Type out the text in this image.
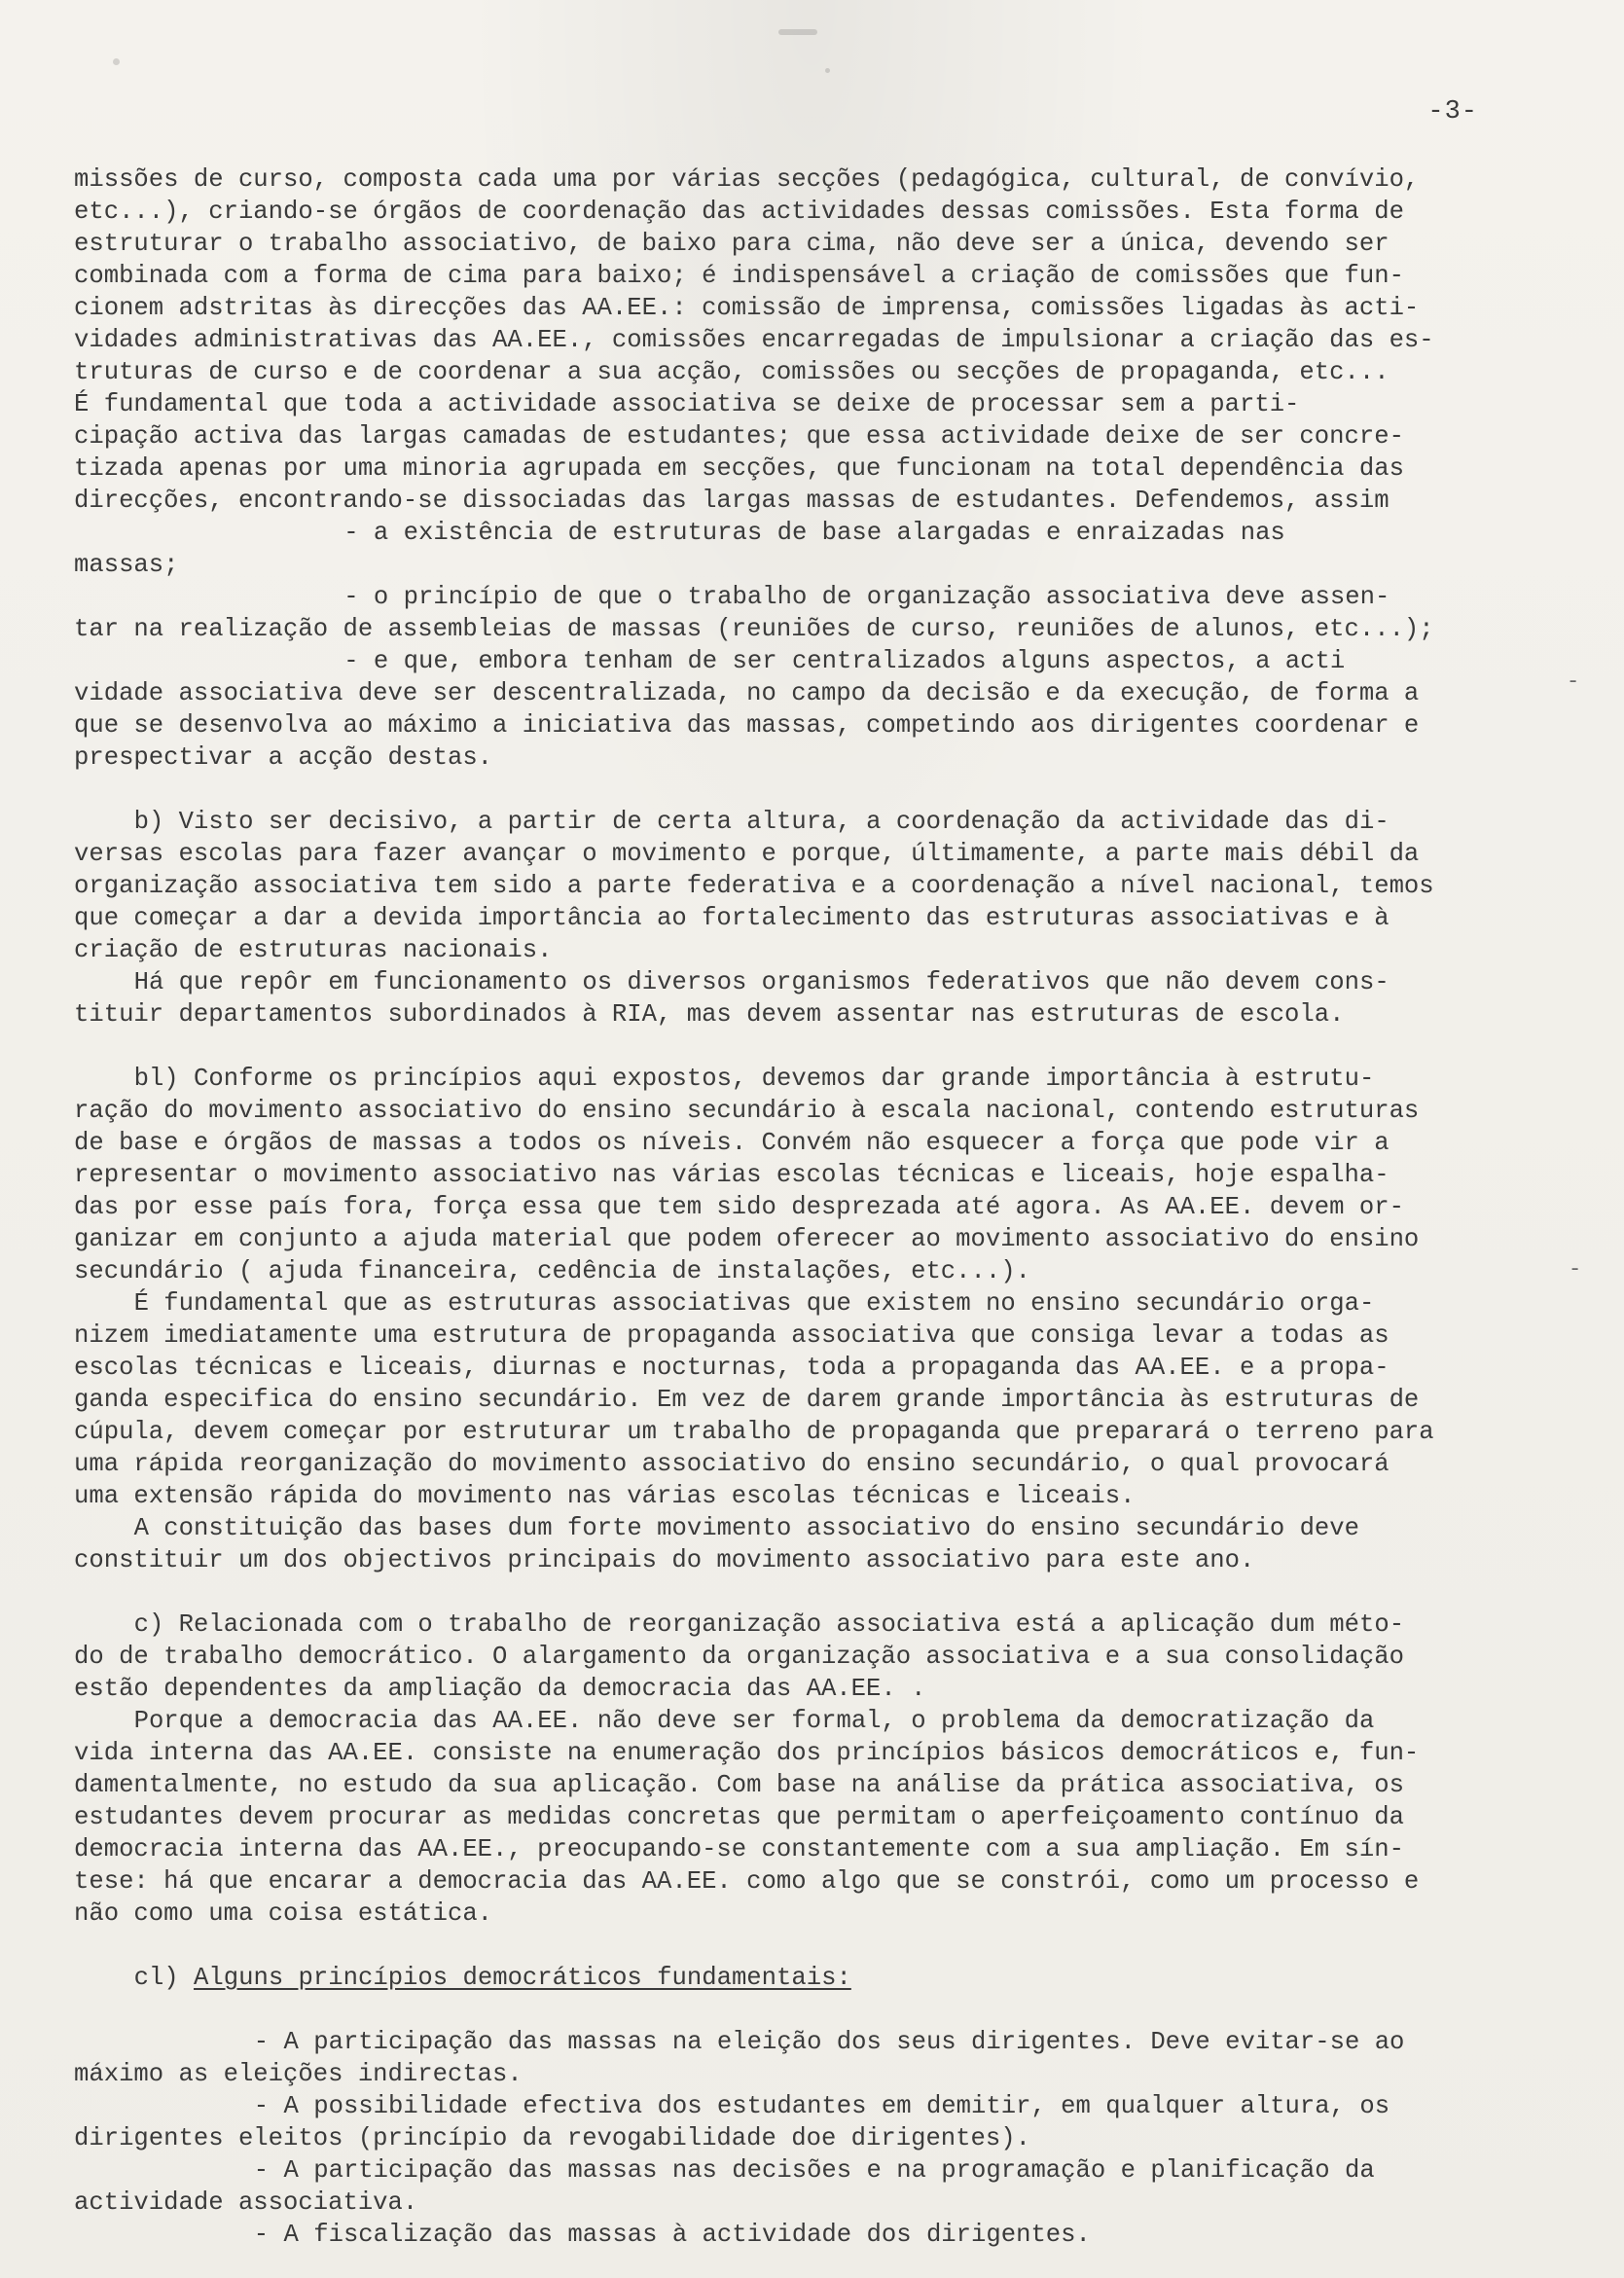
-3-
missões de curso, composta cada uma por várias secções (pedagógica, cultural, de convívio,
etc...), criando-se órgãos de coordenação das actividades dessas comissões. Esta forma de
estruturar o trabalho associativo, de baixo para cima, não deve ser a única, devendo ser
combinada com a forma de cima para baixo; é indispensável a criação de comissões que fun-
cionem adstritas às direcções das AA.EE.: comissão de imprensa, comissões ligadas às acti-
vidades administrativas das AA.EE., comissões encarregadas de impulsionar a criação das es-
truturas de curso e de coordenar a sua acção, comissões ou secções de propaganda, etc...
É fundamental que toda a actividade associativa se deixe de processar sem a parti-
cipação activa das largas camadas de estudantes; que essa actividade deixe de ser concre-
tizada apenas por uma minoria agrupada em secções, que funcionam na total dependência das
direcções, encontrando-se dissociadas das largas massas de estudantes. Defendemos, assim
- a existência de estruturas de base alargadas e enraizadas nas
massas;
- o princípio de que o trabalho de organização associativa deve assen-
tar na realização de assembleias de massas (reuniões de curso, reuniões de alunos, etc...);
- e que, embora tenham de ser centralizados alguns aspectos, a acti
vidade associativa deve ser descentralizada, no campo da decisão e da execução, de forma a
que se desenvolva ao máximo a iniciativa das massas, competindo aos dirigentes coordenar e
prespectivar a acção destas.
b) Visto ser decisivo, a partir de certa altura, a coordenação da actividade das di-
versas escolas para fazer avançar o movimento e porque, últimamente, a parte mais débil da
organização associativa tem sido a parte federativa e a coordenação a nível nacional, temos
que começar a dar a devida importância ao fortalecimento das estruturas associativas e à
criação de estruturas nacionais.
Há que repôr em funcionamento os diversos organismos federativos que não devem cons-
tituir departamentos subordinados à RIA, mas devem assentar nas estruturas de escola.
bl) Conforme os princípios aqui expostos, devemos dar grande importância à estrutu-
ração do movimento associativo do ensino secundário à escala nacional, contendo estruturas
de base e órgãos de massas a todos os níveis. Convém não esquecer a força que pode vir a
representar o movimento associativo nas várias escolas técnicas e liceais, hoje espalha-
das por esse país fora, força essa que tem sido desprezada até agora. As AA.EE. devem or-
ganizar em conjunto a ajuda material que podem oferecer ao movimento associativo do ensino
secundário ( ajuda financeira, cedência de instalações, etc...).
É fundamental que as estruturas associativas que existem no ensino secundário orga-
nizem imediatamente uma estrutura de propaganda associativa que consiga levar a todas as
escolas técnicas e liceais, diurnas e nocturnas, toda a propaganda das AA.EE. e a propa-
ganda especifica do ensino secundário. Em vez de darem grande importância às estruturas de
cúpula, devem começar por estruturar um trabalho de propaganda que preparará o terreno para
uma rápida reorganização do movimento associativo do ensino secundário, o qual provocará
uma extensão rápida do movimento nas várias escolas técnicas e liceais.
A constituição das bases dum forte movimento associativo do ensino secundário deve
constituir um dos objectivos principais do movimento associativo para este ano.
c) Relacionada com o trabalho de reorganização associativa está a aplicação dum méto-
do de trabalho democrático. O alargamento da organização associativa e a sua consolidação
estão dependentes da ampliação da democracia das AA.EE. .
Porque a democracia das AA.EE. não deve ser formal, o problema da democratização da
vida interna das AA.EE. consiste na enumeração dos princípios básicos democráticos e, fun-
damentalmente, no estudo da sua aplicação. Com base na análise da prática associativa, os
estudantes devem procurar as medidas concretas que permitam o aperfeiçoamento contínuo da
democracia interna das AA.EE., preocupando-se constantemente com a sua ampliação. Em sín-
tese: há que encarar a democracia das AA.EE. como algo que se constrói, como um processo e
não como uma coisa estática.
cl) Alguns princípios democráticos fundamentais:
- A participação das massas na eleição dos seus dirigentes. Deve evitar-se ao
máximo as eleições indirectas.
- A possibilidade efectiva dos estudantes em demitir, em qualquer altura, os
dirigentes eleitos (princípio da revogabilidade doe dirigentes).
- A participação das massas nas decisões e na programação e planificação da
actividade associativa.
- A fiscalização das massas à actividade dos dirigentes.
-
-
